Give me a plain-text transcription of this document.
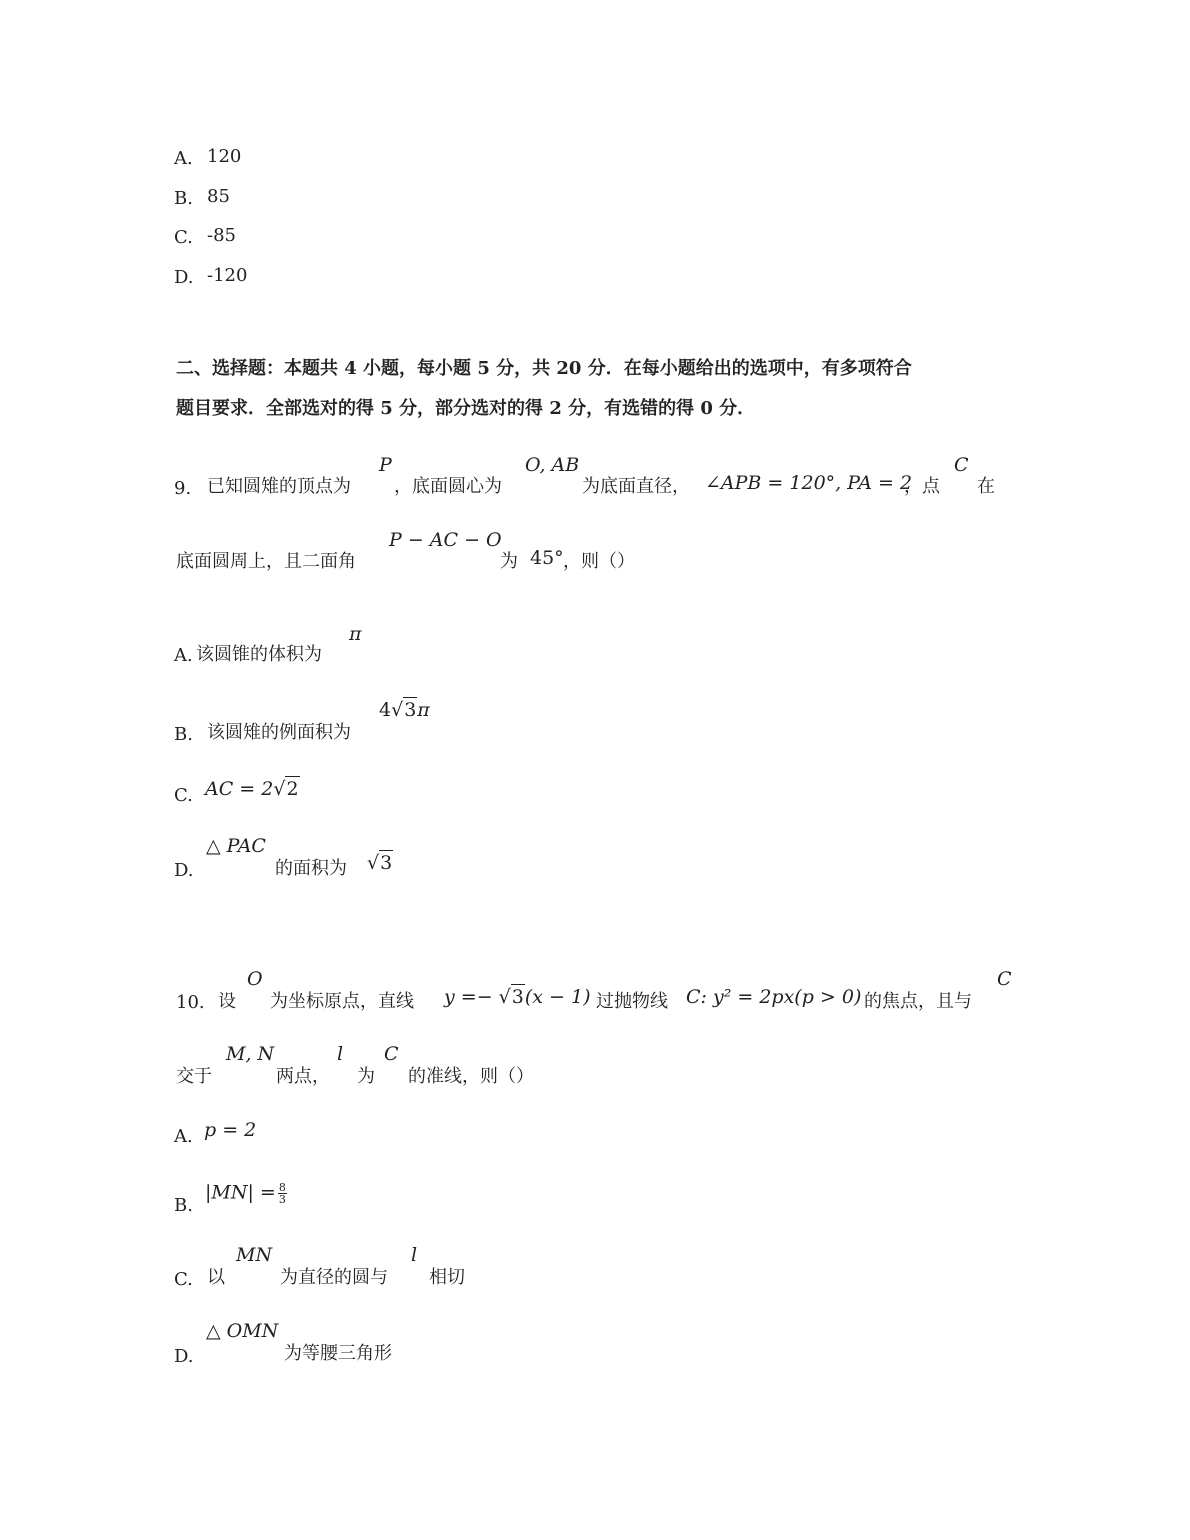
A. 120
B. 85
C. -85
D. -120
二、选择题：本题共 4 小题，每小题 5 分，共 20 分．在每小题给出的选项中，有多项符合
题目要求．全部选对的得 5 分，部分选对的得 2 分，有选错的得 0 分．
9. 已知圆雉的顶点为
P
，底面圆心为
O, AB
为底面直径， ∠APB = 120°, PA = 2
，点
C
在
底面圆周上，且二面角
P − AC − O
为 45° ，则（）
A. 该圆锥的体积为
π
B. 该圆雉的例面积为
4√3π
C. AC = 2√2
△ PAC
D.	的面积为 √3
10. 设
O
为坐标原点，直线 y =− √3(x − 1) 过抛物线 C: y² = 2px(p > 0) 的焦点，且与
C
交于
M, N
两点，
l
为
C
的准线，则（）
A. p = 2
B.
$|MN| = \frac{8}{3}$
C. 以
MN
为直径的圆与
l
相切
△ OMN
D.	为等腰三角形
